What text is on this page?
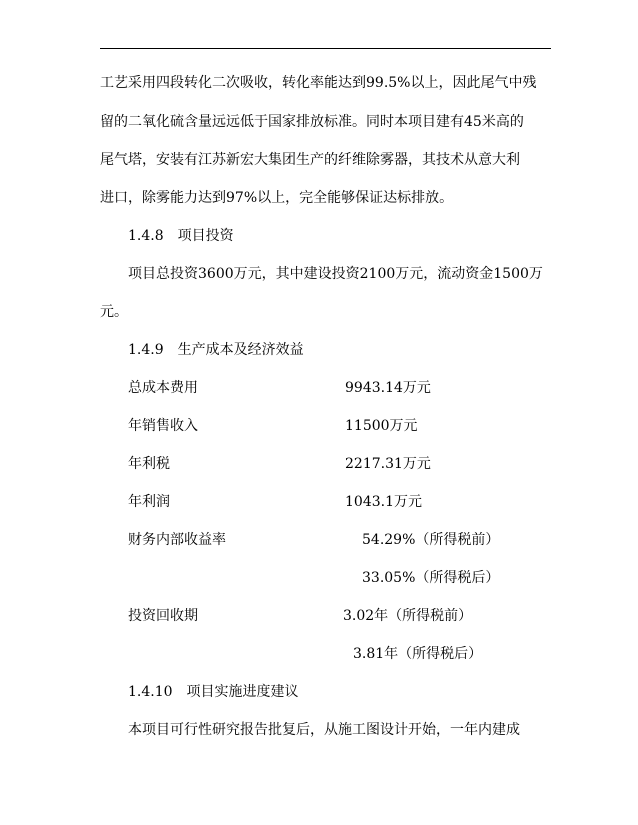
工艺采用四段转化二次吸收，转化率能达到99.5%以上，因此尾气中残
留的二氧化硫含量远远低于国家排放标准。同时本项目建有45米高的
尾气塔，安装有江苏新宏大集团生产的纤维除雾器，其技术从意大利
进口，除雾能力达到97%以上，完全能够保证达标排放。
1.4.8　项目投资
项目总投资3600万元，其中建设投资2100万元，流动资金1500万
元。
1.4.9　生产成本及经济效益
总成本费用	9943.14万元
年销售收入	11500万元
年利税	2217.31万元
年利润	1043.1万元
财务内部收益率	54.29%（所得税前）
33.05%（所得税后）
投资回收期	3.02年（所得税前）
3.81年（所得税后）
1.4.10　项目实施进度建议
本项目可行性研究报告批复后，从施工图设计开始，一年内建成
